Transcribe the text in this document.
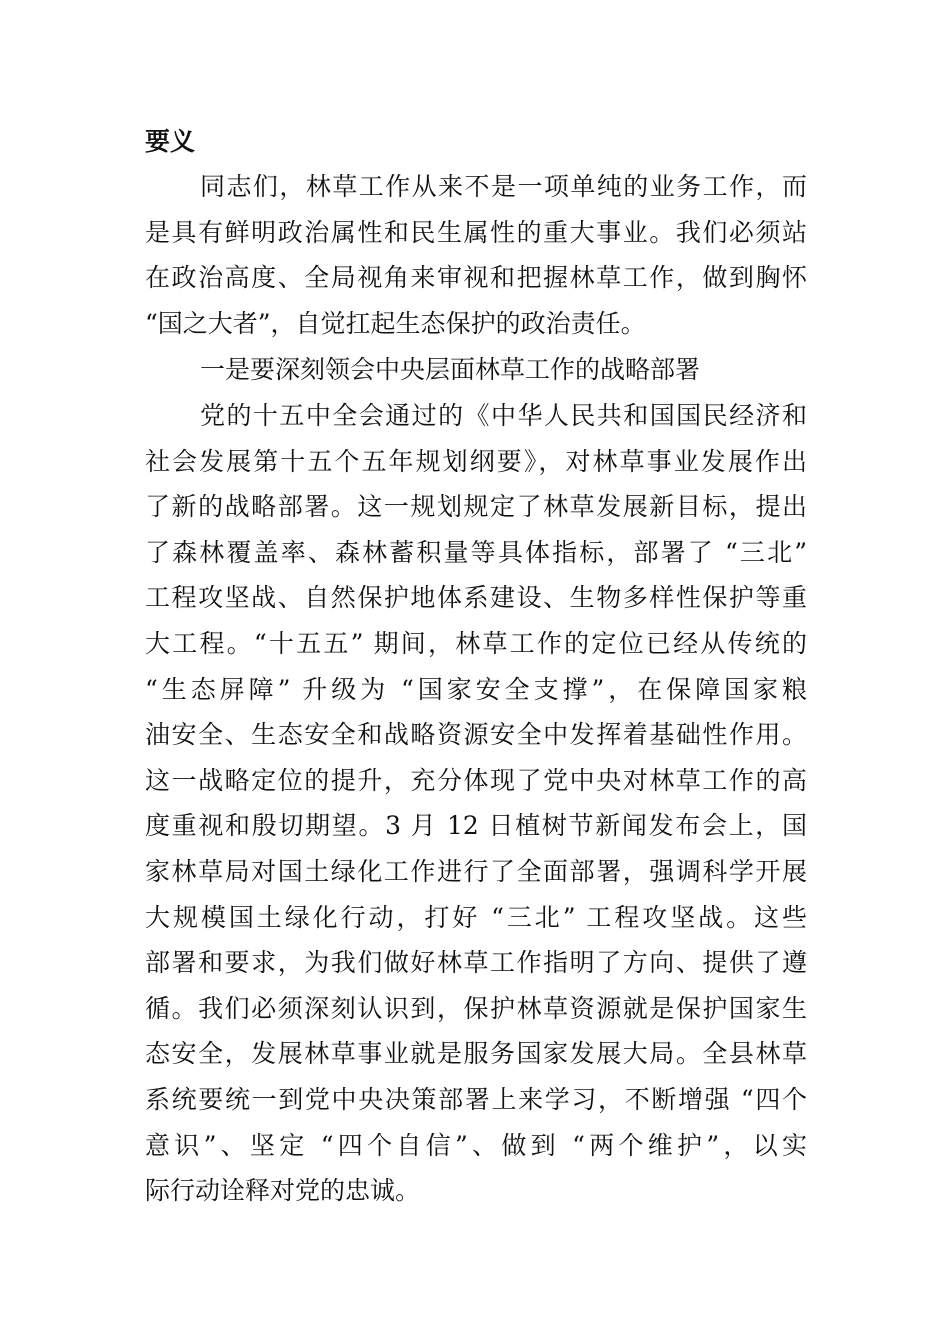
要义
同志们，林草工作从来不是一项单纯的业务工作，而
是具有鲜明政治属性和民生属性的重大事业。我们必须站
在政治高度、全局视角来审视和把握林草工作，做到胸怀
“国之大者”，自觉扛起生态保护的政治责任。
一是要深刻领会中央层面林草工作的战略部署
党的十五中全会通过的《中华人民共和国国民经济和
社会发展第十五个五年规划纲要》，对林草事业发展作出
了新的战略部署。这一规划规定了林草发展新目标，提出
了森林覆盖率、森林蓄积量等具体指标，部署了 “三北”
工程攻坚战、自然保护地体系建设、生物多样性保护等重
大工程。“十五五” 期间，林草工作的定位已经从传统的
“生态屏障” 升级为 “国家安全支撑”，在保障国家粮
油安全、生态安全和战略资源安全中发挥着基础性作用。
这一战略定位的提升，充分体现了党中央对林草工作的高
度重视和殷切期望。3 月 12 日植树节新闻发布会上，国
家林草局对国土绿化工作进行了全面部署，强调科学开展
大规模国土绿化行动，打好 “三北” 工程攻坚战。这些
部署和要求，为我们做好林草工作指明了方向、提供了遵
循。我们必须深刻认识到，保护林草资源就是保护国家生
态安全，发展林草事业就是服务国家发展大局。全县林草
系统要统一到党中央决策部署上来学习，不断增强 “四个
意识”、坚定 “四个自信”、做到 “两个维护”，以实
际行动诠释对党的忠诚。
